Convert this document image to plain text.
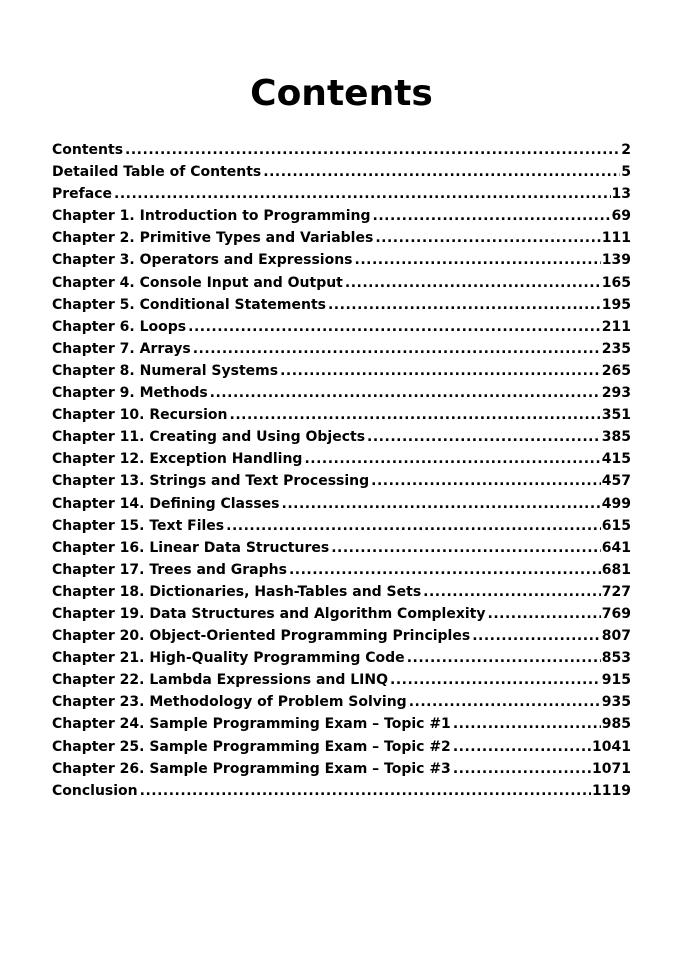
Contents
Contents .....	2
Detailed Table of Contents .....	5
Preface .....	13
Chapter 1. Introduction to Programming .....	69
Chapter 2. Primitive Types and Variables .....	111
Chapter 3. Operators and Expressions .....	139
Chapter 4. Console Input and Output .....	165
Chapter 5. Conditional Statements .....	195
Chapter 6. Loops .....	211
Chapter 7. Arrays .....	235
Chapter 8. Numeral Systems .....	265
Chapter 9. Methods .....	293
Chapter 10. Recursion .....	351
Chapter 11. Creating and Using Objects .....	385
Chapter 12. Exception Handling .....	415
Chapter 13. Strings and Text Processing .....	457
Chapter 14. Defining Classes .....	499
Chapter 15. Text Files .....	615
Chapter 16. Linear Data Structures .....	641
Chapter 17. Trees and Graphs .....	681
Chapter 18. Dictionaries, Hash-Tables and Sets .....	727
Chapter 19. Data Structures and Algorithm Complexity .....	769
Chapter 20. Object-Oriented Programming Principles .....	807
Chapter 21. High-Quality Programming Code .....	853
Chapter 22. Lambda Expressions and LINQ .....	915
Chapter 23. Methodology of Problem Solving .....	935
Chapter 24. Sample Programming Exam – Topic #1 .....	985
Chapter 25. Sample Programming Exam – Topic #2 .....	1041
Chapter 26. Sample Programming Exam – Topic #3 .....	1071
Conclusion .....	1119
